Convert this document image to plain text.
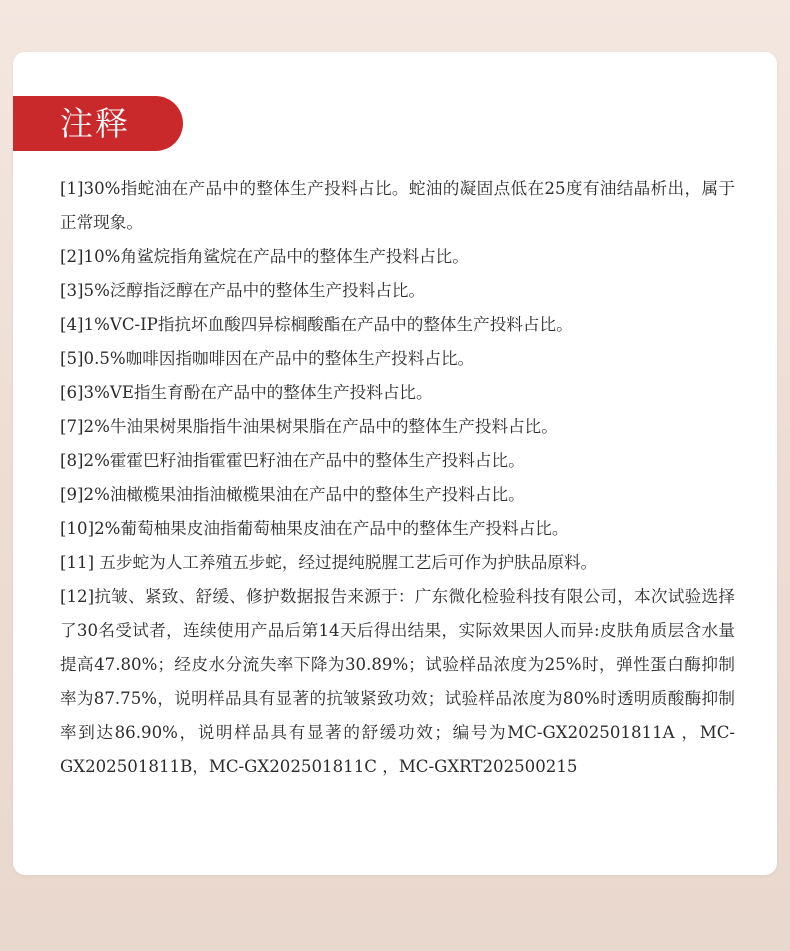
注释
[1]30%指蛇油在产品中的整体生产投料占比。蛇油的凝固点低在25度有油结晶析出，属于正常现象。
[2]10%角鲨烷指角鲨烷在产品中的整体生产投料占比。
[3]5%泛醇指泛醇在产品中的整体生产投料占比。
[4]1%VC-IP指抗坏血酸四异棕榈酸酯在产品中的整体生产投料占比。
[5]0.5%咖啡因指咖啡因在产品中的整体生产投料占比。
[6]3%VE指生育酚在产品中的整体生产投料占比。
[7]2%牛油果树果脂指牛油果树果脂在产品中的整体生产投料占比。
[8]2%霍霍巴籽油指霍霍巴籽油在产品中的整体生产投料占比。
[9]2%油橄榄果油指油橄榄果油在产品中的整体生产投料占比。
[10]2%葡萄柚果皮油指葡萄柚果皮油在产品中的整体生产投料占比。
[11] 五步蛇为人工养殖五步蛇，经过提纯脱腥工艺后可作为护肤品原料。
[12]抗皱、紧致、舒缓、修护数据报告来源于：广东微化检验科技有限公司，本次试验选择了30名受试者，连续使用产品后第14天后得出结果，实际效果因人而异:皮肤角质层含水量提高47.80%；经皮水分流失率下降为30.89%；试验样品浓度为25%时，弹性蛋白酶抑制率为87.75%，说明样品具有显著的抗皱紧致功效；试验样品浓度为80%时透明质酸酶抑制率到达86.90%，说明样品具有显著的舒缓功效；编号为MC-GX202501811A ，MC-GX202501811B，MC-GX202501811C ，MC-GXRT202500215
